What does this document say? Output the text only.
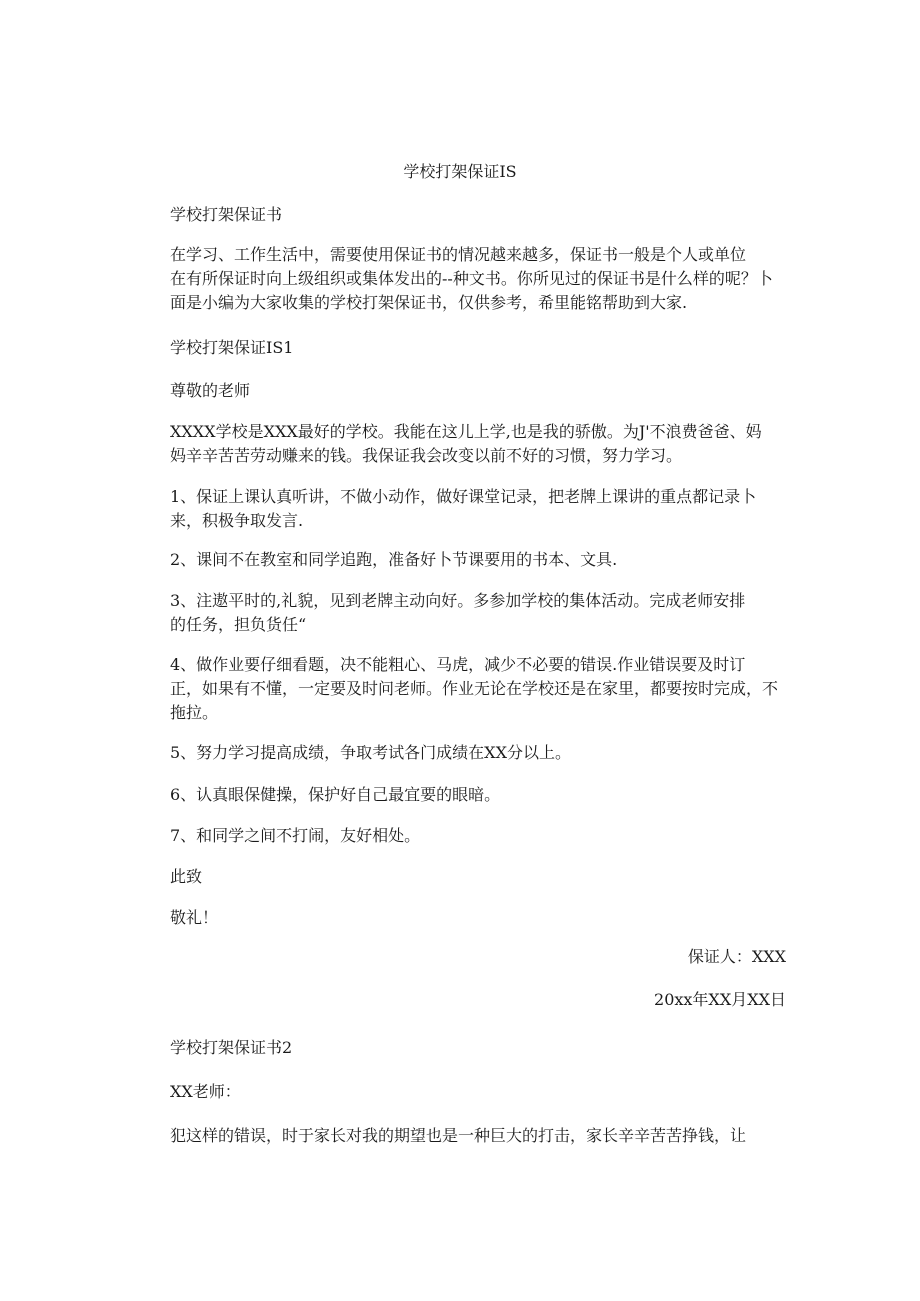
学校打架保证IS
学校打架保证书

在学习、工作生活中，需要使用保证书的情况越来越多，保证书一般是个人或单位

在有所保证时向上级组织或集体发出的--种文书。你所见过的保证书是什么样的呢？卜

面是小编为大家收集的学校打架保证书，仅供参考，希里能铭帮助到大家.

学校打架保证IS1
尊敬的老师

XXXX学校是XXX最好的学校。我能在这儿上学,也是我的骄傲。为J'不浪费爸爸、妈

妈辛辛苦苦劳动赚来的钱。我保证我会改变以前不好的习惯，努力学习。

1、保证上课认真听讲，不做小动作，做好课堂记录，把老牌上课讲的重点都记录卜

来，积极争取发言.

2、课间不在教室和同学追跑，准备好卜节课要用的书本、文具.

3、注遨平时的,礼貌，见到老牌主动向好。多参加学校的集体活动。完成老师安排

的任务，担负货任“

4、做作业要仔细看题，决不能粗心、马虎，减少不必要的错误.作业错误要及时订

正，如果有不懂，一定要及时问老师。作业无论在学校还是在家里，都要按时完成，不

拖拉。

5、努力学习提高成绩，争取考试各门成绩在XX分以上。

6、认真眼保健操，保护好自己最宜要的眼暗。

7、和同学之间不打闹，友好相处。

此致
敬礼！
保证人：XXX
20xx年XX月XX日
学校打架保证书2
XX老师：
犯这样的错误，时于家长对我的期望也是一种巨大的打击，家长辛辛苦苦挣钱，让
